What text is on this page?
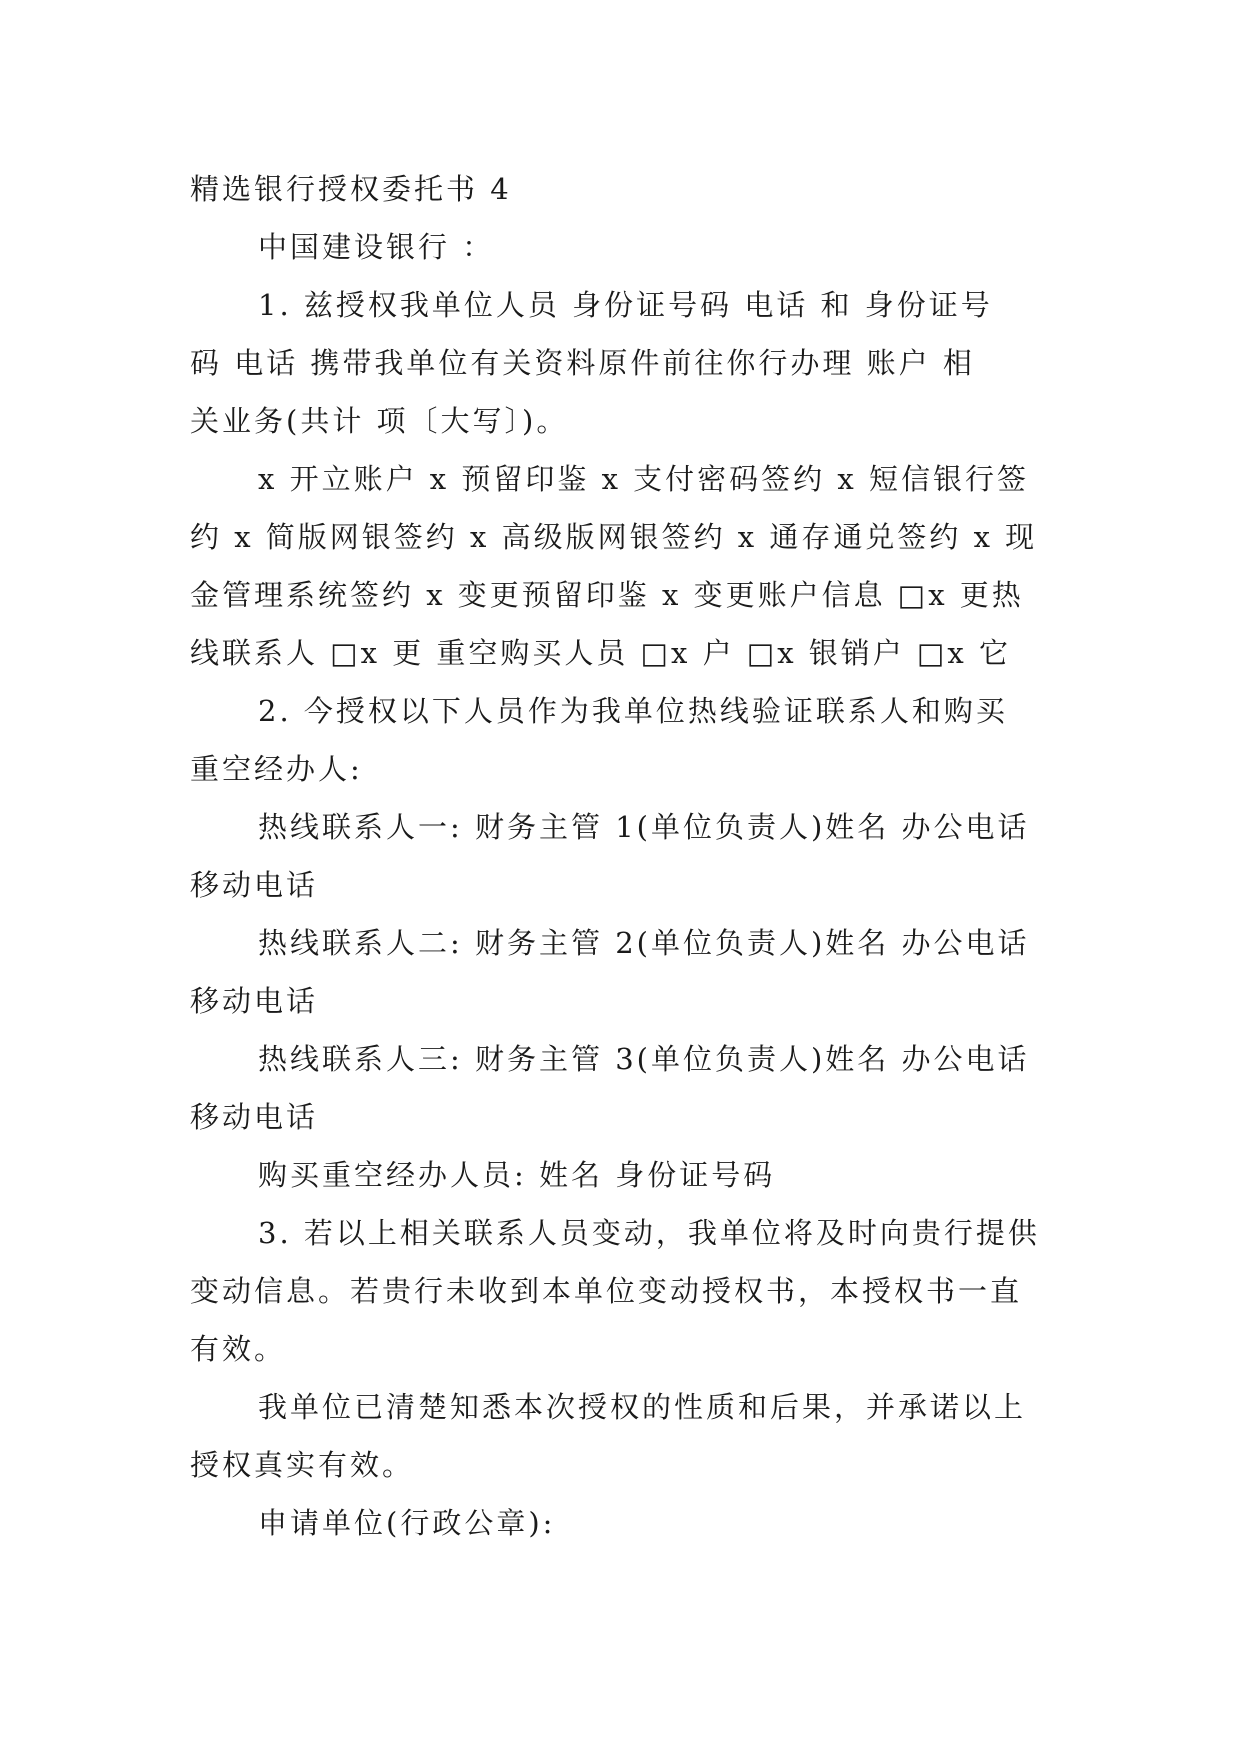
精选银行授权委托书 4
中国建设银行 ：
1. 兹授权我单位人员 身份证号码 电话 和 身份证号
码 电话 携带我单位有关资料原件前往你行办理 账户 相
关业务(共计 项〔大写〕)。
x 开立账户 x 预留印鉴 x 支付密码签约 x 短信银行签
约 x 简版网银签约 x 高级版网银签约 x 通存通兑签约 x 现
金管理系统签约 x 变更预留印鉴 x 变更账户信息 □x 更热
线联系人 □x 更 重空购买人员 □x 户 □x 银销户 □x 它
2. 今授权以下人员作为我单位热线验证联系人和购买
重空经办人:
热线联系人一: 财务主管 1(单位负责人)姓名 办公电话
移动电话
热线联系人二: 财务主管 2(单位负责人)姓名 办公电话
移动电话
热线联系人三: 财务主管 3(单位负责人)姓名 办公电话
移动电话
购买重空经办人员: 姓名 身份证号码
3. 若以上相关联系人员变动，我单位将及时向贵行提供
变动信息。若贵行未收到本单位变动授权书，本授权书一直
有效。
我单位已清楚知悉本次授权的性质和后果，并承诺以上
授权真实有效。
申请单位(行政公章):
